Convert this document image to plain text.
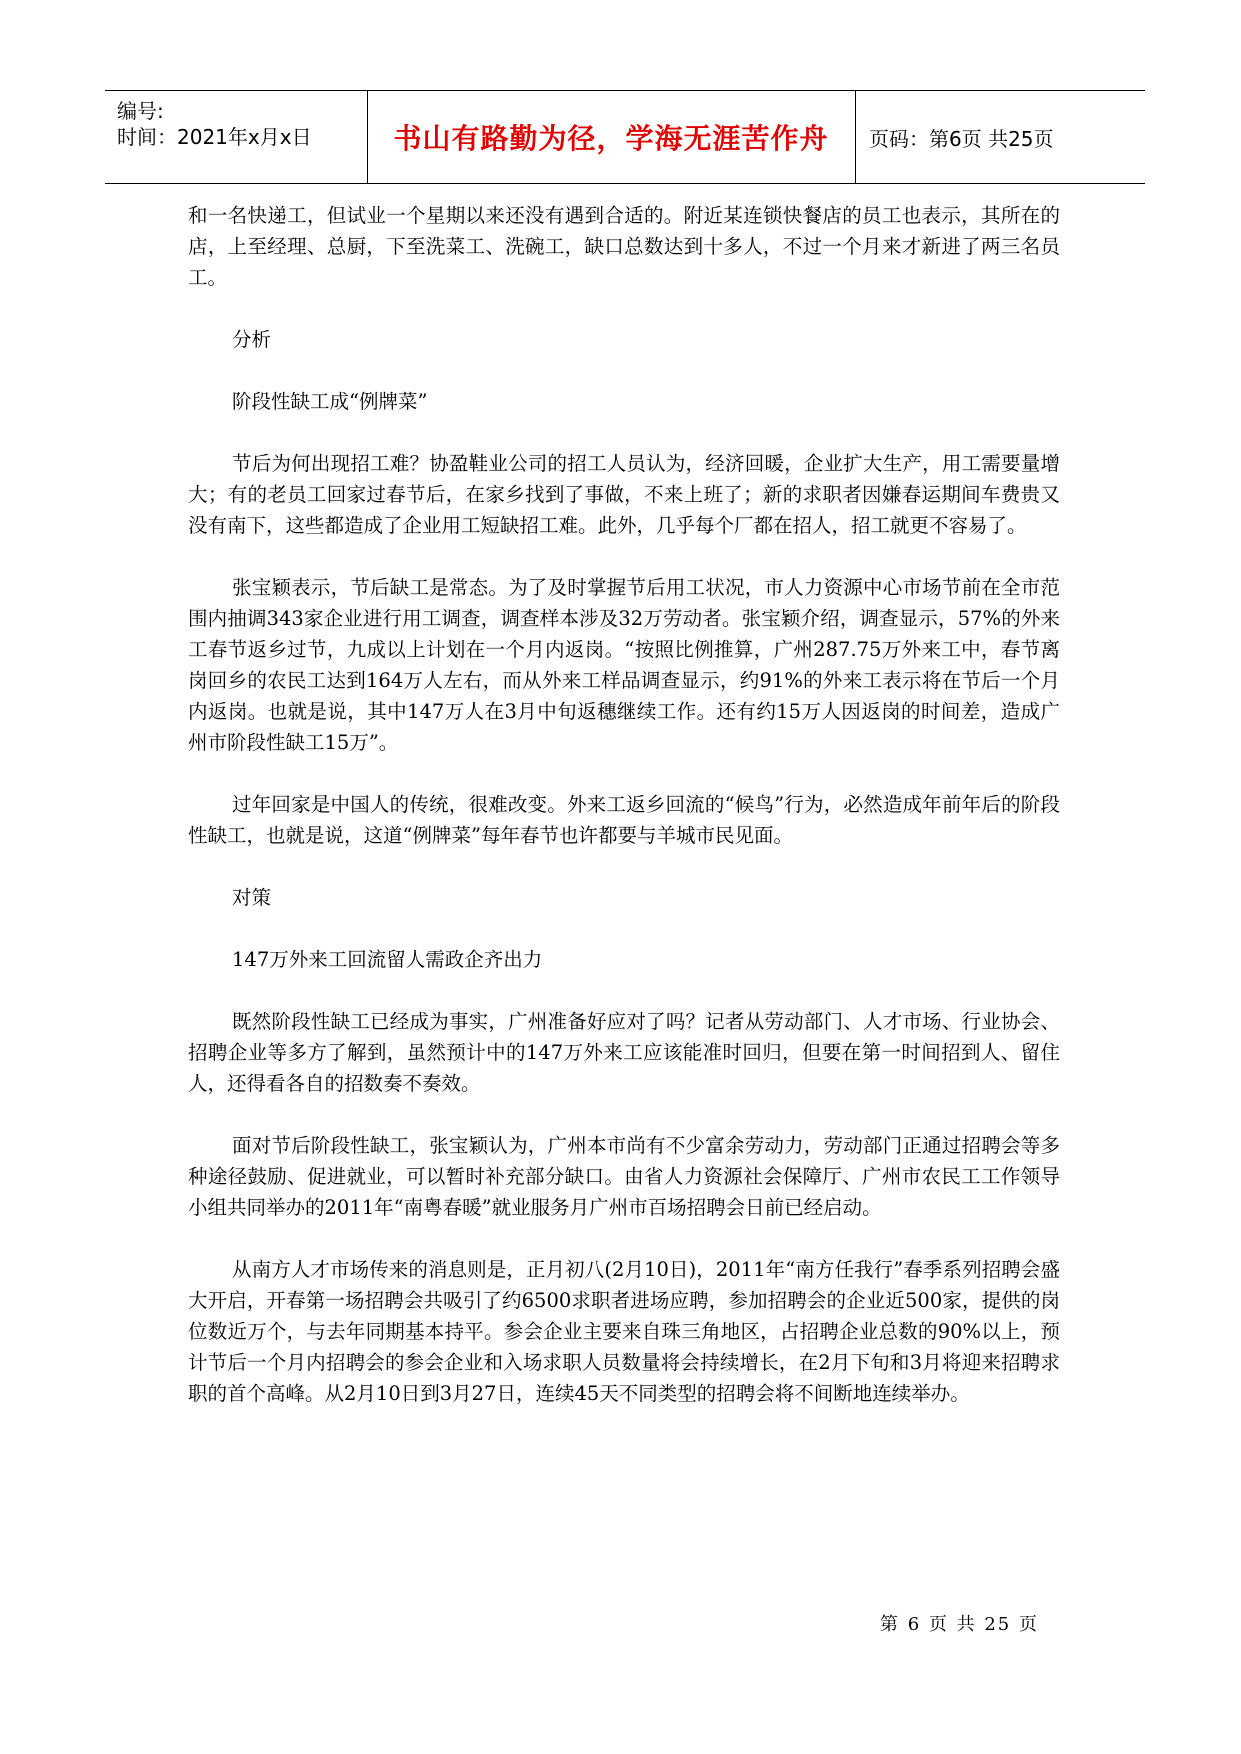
编号:
时间：2021年x月x日	书山有路勤为径，学海无涯苦作舟 页码：第6页 共25页

和一名快递工，但试业一个星期以来还没有遇到合适的。附近某连锁快餐店的员工也表示，其所在的店，上至经理、总厨，下至洗菜工、洗碗工，缺口总数达到十多人，不过一个月来才新进了两三名员工。

分析

阶段性缺工成“例牌菜”

节后为何出现招工难？协盈鞋业公司的招工人员认为，经济回暖，企业扩大生产，用工需要量增大；有的老员工回家过春节后，在家乡找到了事做，不来上班了；新的求职者因嫌春运期间车费贵又没有南下，这些都造成了企业用工短缺招工难。此外，几乎每个厂都在招人，招工就更不容易了。

张宝颖表示，节后缺工是常态。为了及时掌握节后用工状况，市人力资源中心市场节前在全市范围内抽调343家企业进行用工调查，调查样本涉及32万劳动者。张宝颖介绍，调查显示，57%的外来工春节返乡过节，九成以上计划在一个月内返岗。“按照比例推算，广州287.75万外来工中，春节离岗回乡的农民工达到164万人左右，而从外来工样品调查显示，约91%的外来工表示将在节后一个月内返岗。也就是说，其中147万人在3月中旬返穗继续工作。还有约15万人因返岗的时间差，造成广州市阶段性缺工15万”。

过年回家是中国人的传统，很难改变。外来工返乡回流的“候鸟”行为，必然造成年前年后的阶段性缺工，也就是说，这道“例牌菜”每年春节也许都要与羊城市民见面。

对策

147万外来工回流留人需政企齐出力

既然阶段性缺工已经成为事实，广州准备好应对了吗？记者从劳动部门、人才市场、行业协会、招聘企业等多方了解到，虽然预计中的147万外来工应该能准时回归，但要在第一时间招到人、留住人，还得看各自的招数奏不奏效。

面对节后阶段性缺工，张宝颖认为，广州本市尚有不少富余劳动力，劳动部门正通过招聘会等多种途径鼓励、促进就业，可以暂时补充部分缺口。由省人力资源社会保障厅、广州市农民工工作领导小组共同举办的2011年“南粤春暖”就业服务月广州市百场招聘会日前已经启动。

从南方人才市场传来的消息则是，正月初八(2月10日)，2011年“南方任我行”春季系列招聘会盛大开启，开春第一场招聘会共吸引了约6500求职者进场应聘，参加招聘会的企业近500家，提供的岗位数近万个，与去年同期基本持平。参会企业主要来自珠三角地区，占招聘企业总数的90%以上，预计节后一个月内招聘会的参会企业和入场求职人员数量将会持续增长，在2月下旬和3月将迎来招聘求职的首个高峰。从2月10日到3月27日，连续45天不同类型的招聘会将不间断地连续举办。

第 6 页 共 25 页
